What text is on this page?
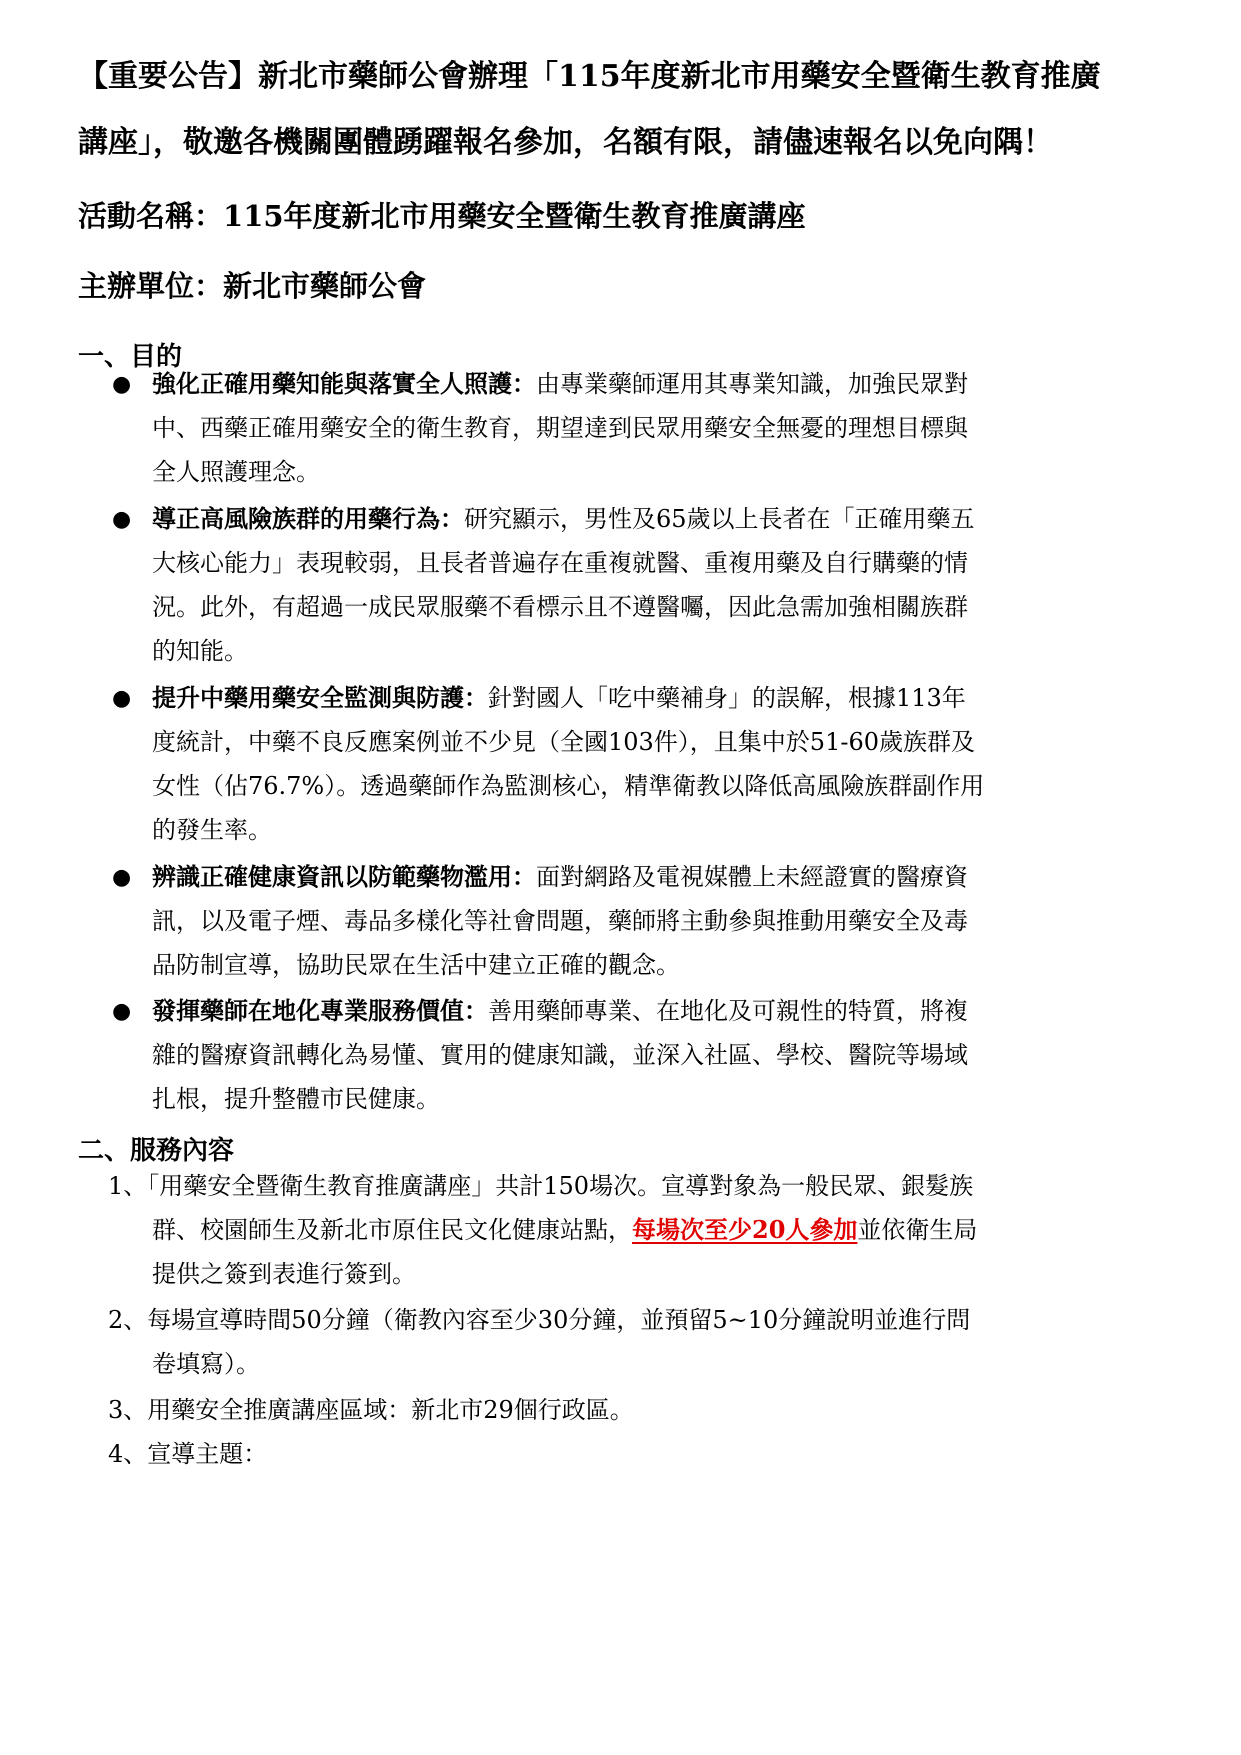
【重要公告】新北市藥師公會辦理「115年度新北市用藥安全暨衛生教育推廣
講座」，敬邀各機關團體踴躍報名參加，名額有限，請儘速報名以免向隅！
活動名稱：115年度新北市用藥安全暨衛生教育推廣講座
主辦單位：新北市藥師公會
一、目的
● 強化正確用藥知能與落實全人照護：由專業藥師運用其專業知識，加強民眾對
中、西藥正確用藥安全的衛生教育，期望達到民眾用藥安全無憂的理想目標與
全人照護理念。
● 導正高風險族群的用藥行為：研究顯示，男性及65歲以上長者在「正確用藥五
大核心能力」表現較弱，且長者普遍存在重複就醫、重複用藥及自行購藥的情
況。此外，有超過一成民眾服藥不看標示且不遵醫囑，因此急需加強相關族群
的知能。
● 提升中藥用藥安全監測與防護：針對國人「吃中藥補身」的誤解，根據113年
度統計，中藥不良反應案例並不少見（全國103件），且集中於51-60歲族群及
女性（佔76.7%）。透過藥師作為監測核心，精準衛教以降低高風險族群副作用
的發生率。
● 辨識正確健康資訊以防範藥物濫用：面對網路及電視媒體上未經證實的醫療資
訊，以及電子煙、毒品多樣化等社會問題，藥師將主動參與推動用藥安全及毒
品防制宣導，協助民眾在生活中建立正確的觀念。
● 發揮藥師在地化專業服務價值：善用藥師專業、在地化及可親性的特質，將複
雜的醫療資訊轉化為易懂、實用的健康知識，並深入社區、學校、醫院等場域
扎根，提升整體市民健康。
二、服務內容
1、「用藥安全暨衛生教育推廣講座」共計150場次。宣導對象為一般民眾、銀髮族
群、校園師生及新北市原住民文化健康站點，每場次至少20人參加並依衛生局
提供之簽到表進行簽到。
2、每場宣導時間50分鐘（衛教內容至少30分鐘，並預留5~10分鐘說明並進行問
卷填寫）。
3、用藥安全推廣講座區域：新北市29個行政區。
4、宣導主題：
